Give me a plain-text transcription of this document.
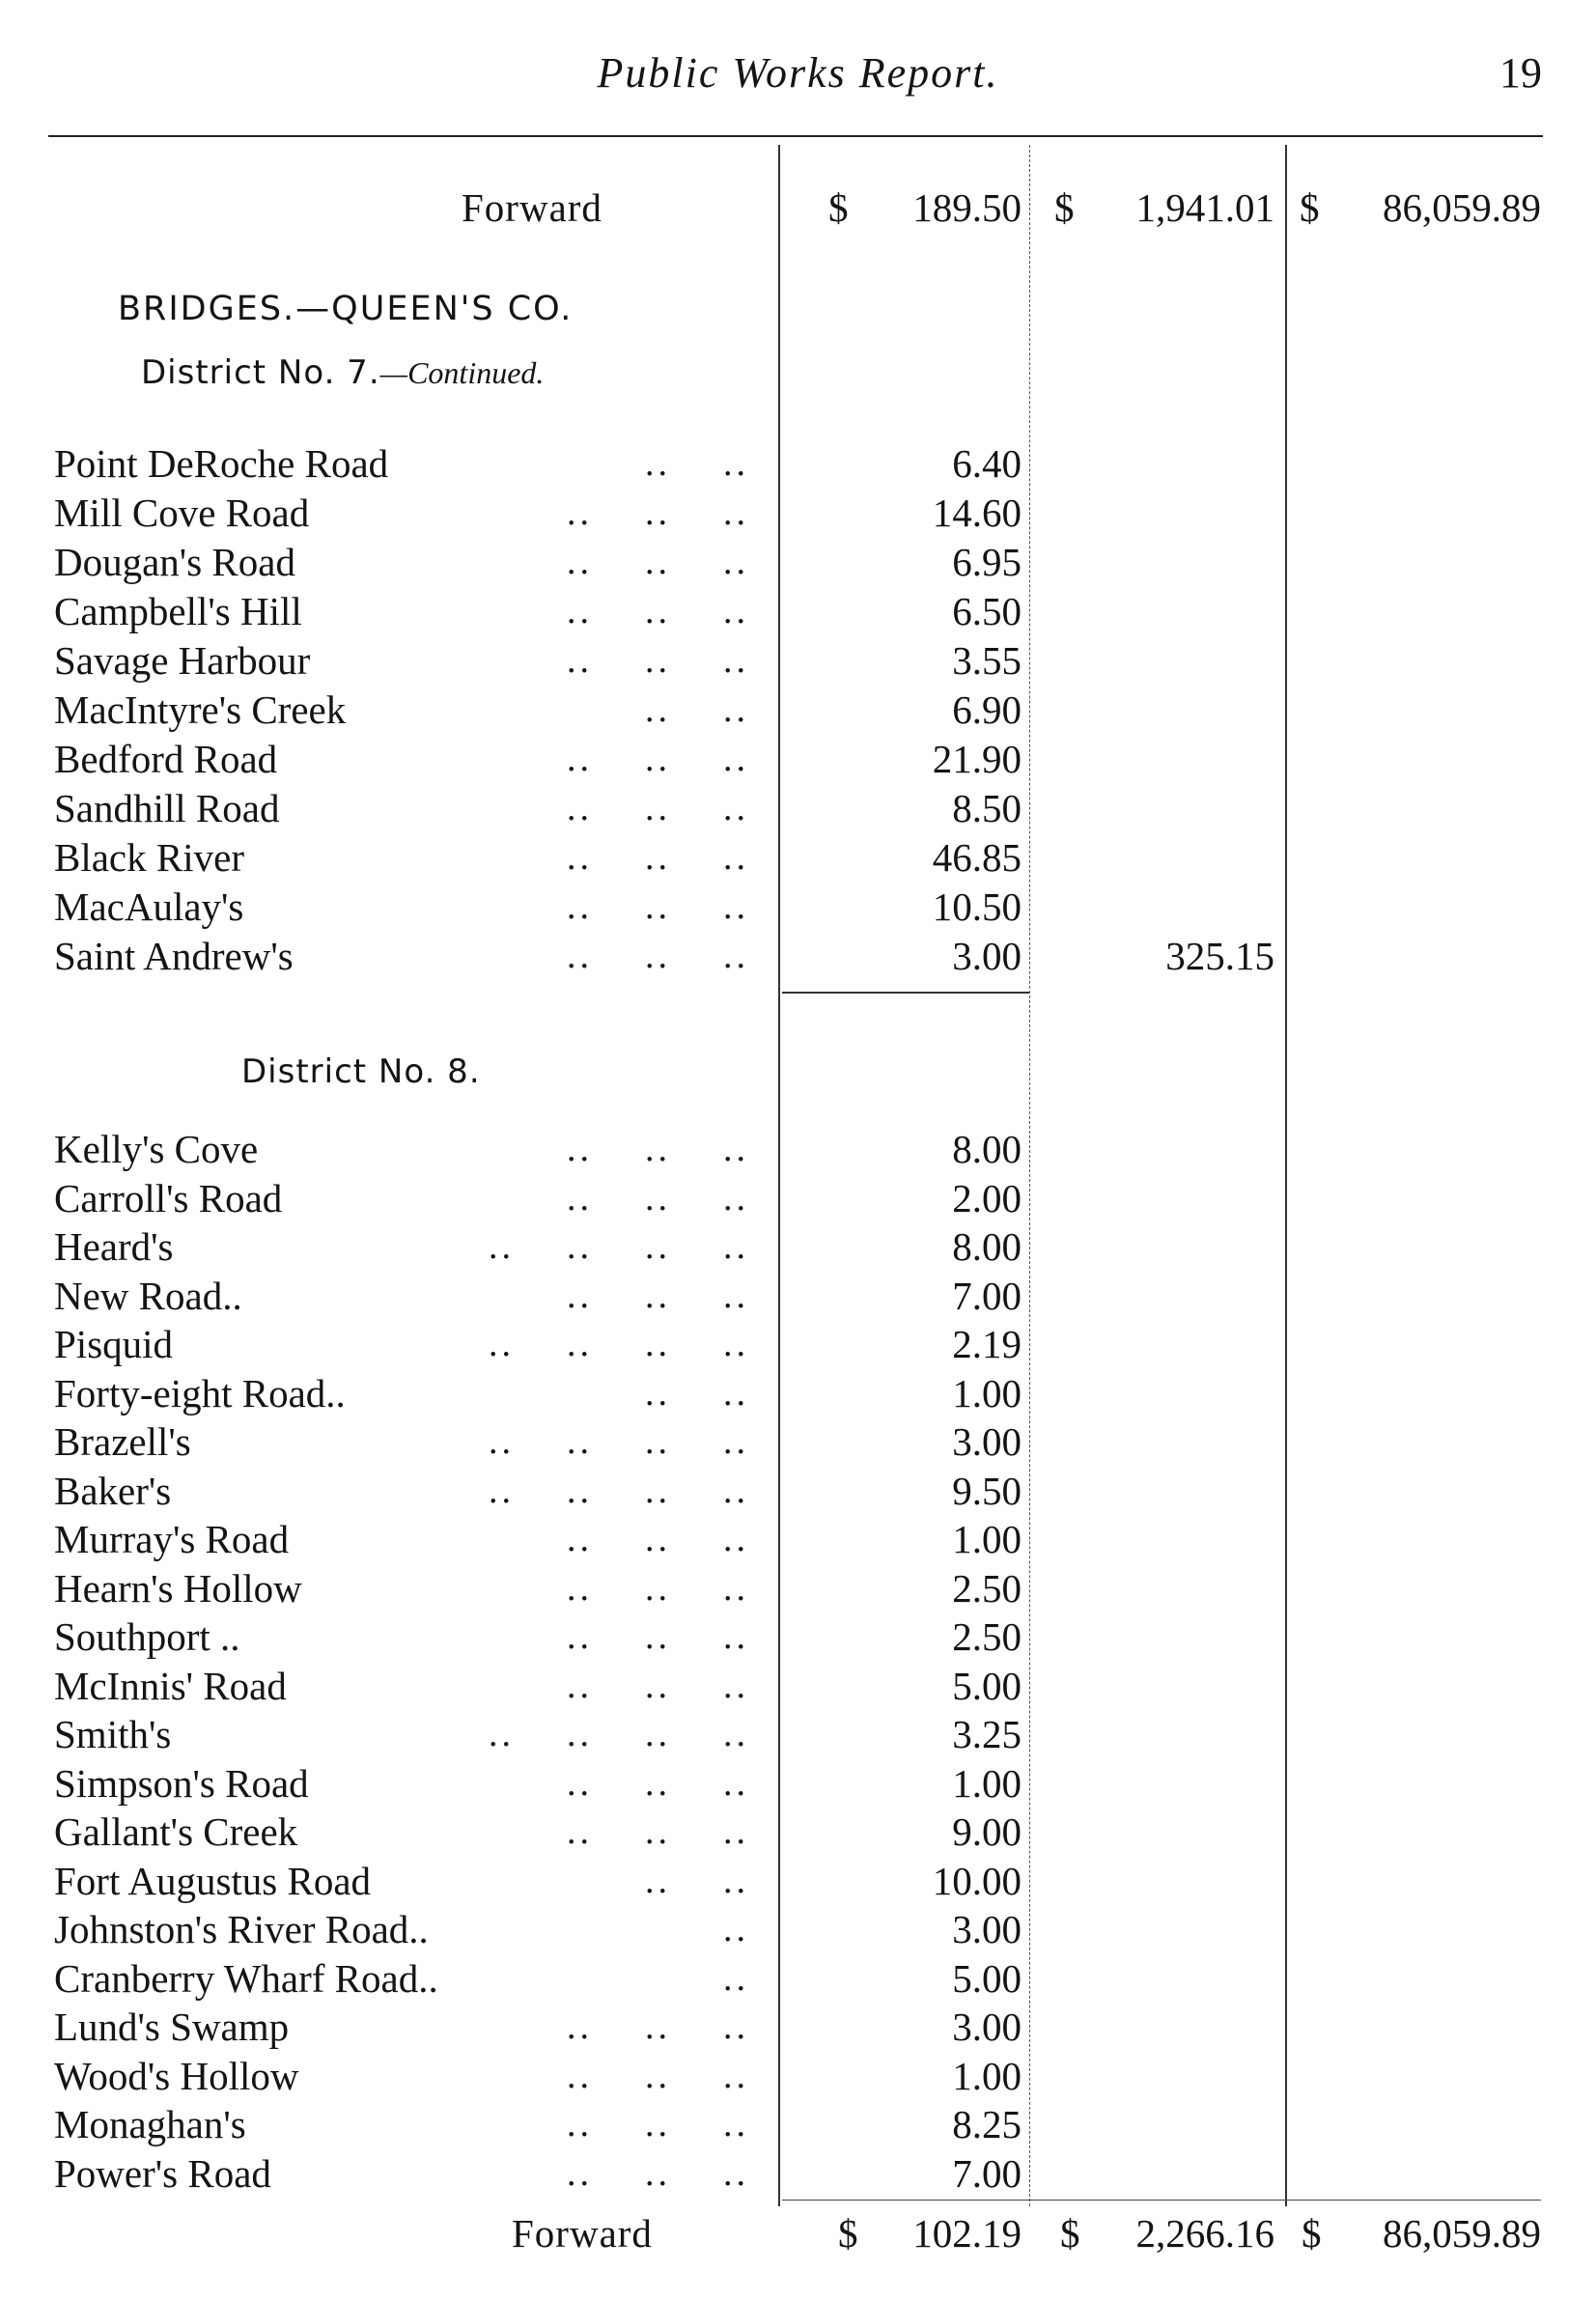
Public Works Report.	19
Forward	$	189.50 $	1,941.01 $	86,059.89
BRIDGES.—QUEEN'S CO.
District No. 7.—Continued.
Point DeRoche Road	..    ..	6.40
Mill Cove Road	..    ..    ..	14.60
Dougan's Road	..    ..    ..	6.95
Campbell's Hill	..    ..    ..	6.50
Savage Harbour	..    ..    ..	3.55
MacIntyre's Creek	..    ..	6.90
Bedford Road	..    ..    ..	21.90
Sandhill Road	..    ..    ..	8.50
Black River	..    ..    ..	46.85
MacAulay's	..    ..    ..	10.50
Saint Andrew's	..    ..    ..	3.00	325.15
District No. 8.
Kelly's Cove	..    ..    ..	8.00
Carroll's Road	..    ..    ..	2.00
Heard's	..    ..    ..    ..	8.00
New Road..	..    ..    ..	7.00
Pisquid	..    ..    ..    ..	2.19
Forty-eight Road..	..    ..	1.00
Brazell's	..    ..    ..    ..	3.00
Baker's	..    ..    ..    ..	9.50
Murray's Road	..    ..    ..	1.00
Hearn's Hollow	..    ..    ..	2.50
Southport ..	..    ..    ..	2.50
McInnis' Road	..    ..    ..	5.00
Smith's	..    ..    ..    ..	3.25
Simpson's Road	..    ..    ..	1.00
Gallant's Creek	..    ..    ..	9.00
Fort Augustus Road	..    ..	10.00
Johnston's River Road..	..	3.00
Cranberry Wharf Road..	..	5.00
Lund's Swamp	..    ..    ..	3.00
Wood's Hollow	..    ..    ..	1.00
Monaghan's	..    ..    ..	8.25
Power's Road	..    ..    ..	7.00
Forward	$	102.19 $	2,266.16 $	86,059.89
